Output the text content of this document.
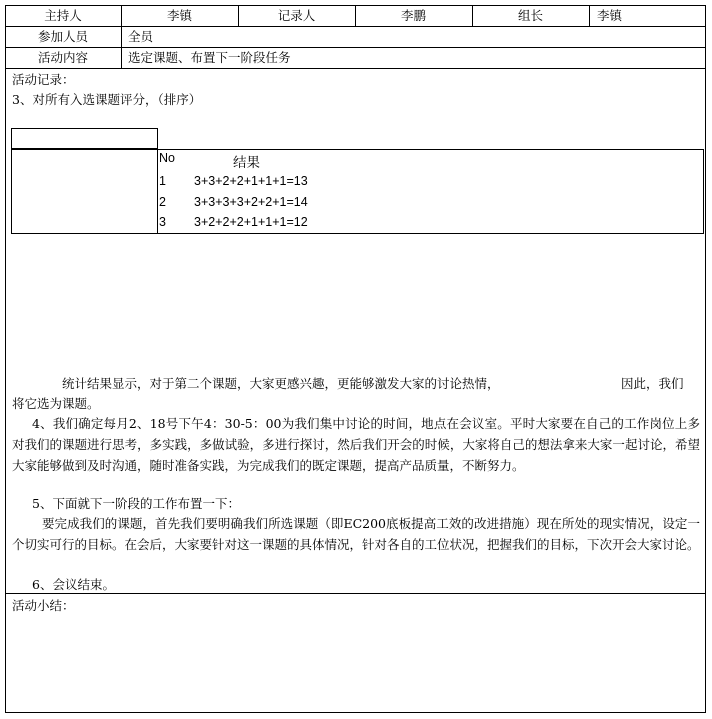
主持人	李镇	记录人	李鹏	组长	李镇
参加人员	全员
活动内容	选定课题、布置下一阶段任务
活动记录：
3、对所有入选课题评分，（排序）
No	结果
1 3+3+2+2+1+1+1=13
2 3+3+3+3+2+2+1=14
3 3+2+2+2+1+1+1=12
统计结果显示，对于第二个课题，大家更感兴趣，更能够激发大家的讨论热情，	因此，我们
将它选为课题。
4、我们确定每月2、18号下午4：30-5：00为我们集中讨论的时间，地点在会议室。平时大家要在自己的工作岗位上多对我们的课题进行思考，多实践，多做试验，多进行探讨，然后我们开会的时候，大家将自己的想法拿来大家一起讨论，希望大家能够做到及时沟通，随时准备实践，为完成我们的既定课题，提高产品质量，不断努力。
5、下面就下一阶段的工作布置一下：
要完成我们的课题，首先我们要明确我们所选课题（即EC200底板提高工效的改进措施）现在所处的现实情况，设定一个切实可行的目标。在会后，大家要针对这一课题的具体情况，针对各自的工位状况，把握我们的目标，下次开会大家讨论。
6、会议结束。
活动小结：
